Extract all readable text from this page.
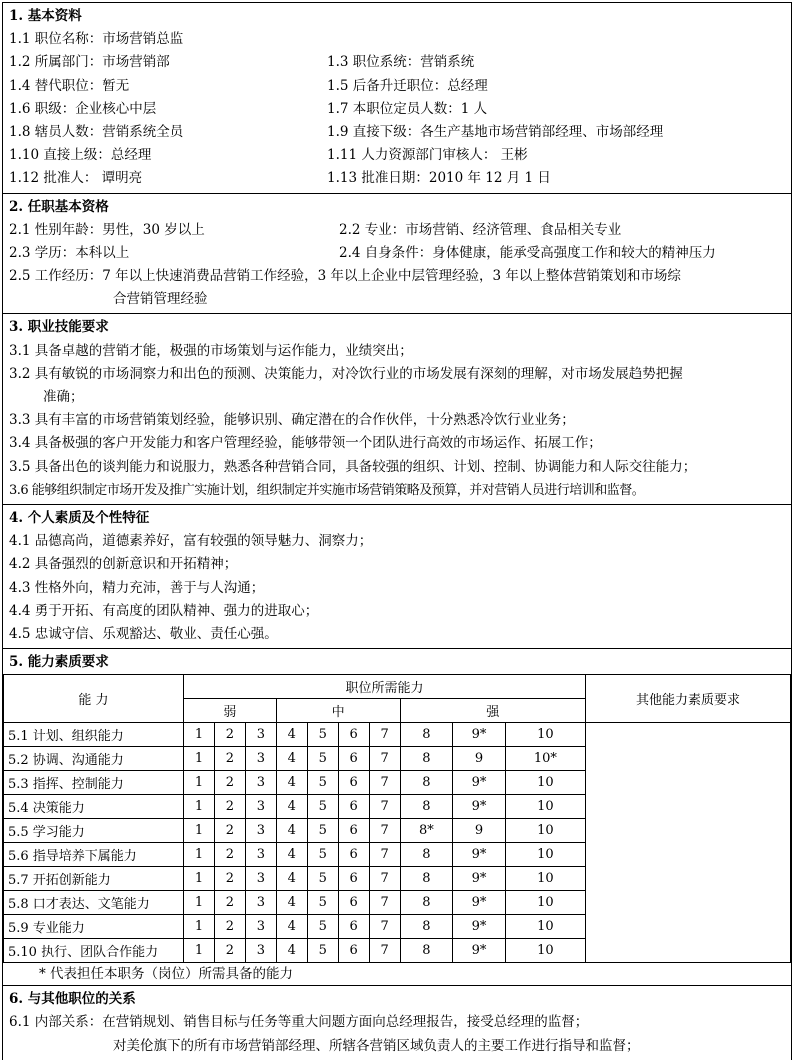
1. 基本资料
1.1 职位名称：市场营销总监
1.2 所属部门：市场营销部	1.3 职位系统：营销系统
1.4 替代职位：暂无	1.5 后备升迁职位：总经理
1.6 职级：企业核心中层	1.7 本职位定员人数：1 人
1.8 辖员人数：营销系统全员	1.9 直接下级：各生产基地市场营销部经理、市场部经理
1.10 直接上级：总经理	1.11 人力资源部门审核人： 王彬
1.12 批准人： 谭明亮	1.13 批准日期：2010 年 12 月 1 日
2. 任职基本资格
2.1 性别年龄：男性，30 岁以上	2.2 专业：市场营销、经济管理、食品相关专业
2.3 学历：本科以上	2.4 自身条件：身体健康，能承受高强度工作和较大的精神压力
2.5 工作经历：7 年以上快速消费品营销工作经验，3 年以上企业中层管理经验，3 年以上整体营销策划和市场综
合营销管理经验
3. 职业技能要求
3.1 具备卓越的营销才能，极强的市场策划与运作能力，业绩突出；
3.2 具有敏锐的市场洞察力和出色的预测、决策能力，对冷饮行业的市场发展有深刻的理解，对市场发展趋势把握
准确；
3.3 具有丰富的市场营销策划经验，能够识别、确定潜在的合作伙伴，十分熟悉冷饮行业业务；
3.4 具备极强的客户开发能力和客户管理经验，能够带领一个团队进行高效的市场运作、拓展工作；
3.5 具备出色的谈判能力和说服力，熟悉各种营销合同，具备较强的组织、计划、控制、协调能力和人际交往能力；
3.6 能够组织制定市场开发及推广实施计划，组织制定并实施市场营销策略及预算，并对营销人员进行培训和监督。
4. 个人素质及个性特征
4.1 品德高尚，道德素养好，富有较强的领导魅力、洞察力；
4.2 具备强烈的创新意识和开拓精神；
4.3 性格外向，精力充沛，善于与人沟通；
4.4 勇于开拓、有高度的团队精神、强力的进取心；
4.5 忠诚守信、乐观豁达、敬业、责任心强。
5. 能力素质要求
能 力	职位所需能力										其他能力素质要求
	弱			中				强			
5.1 计划、组织能力	1	2	3	4	5	6	7	8	9*	10	
5.2 协调、沟通能力	1	2	3	4	5	6	7	8	9	10*	
5.3 指挥、控制能力	1	2	3	4	5	6	7	8	9*	10	
5.4 决策能力	1	2	3	4	5	6	7	8	9*	10	
5.5 学习能力	1	2	3	4	5	6	7	8*	9	10	
5.6 指导培养下属能力	1	2	3	4	5	6	7	8	9*	10	
5.7 开拓创新能力	1	2	3	4	5	6	7	8	9*	10	
5.8 口才表达、文笔能力	1	2	3	4	5	6	7	8	9*	10	
5.9 专业能力	1	2	3	4	5	6	7	8	9*	10	
5.10 执行、团队合作能力	1	2	3	4	5	6	7	8	9*	10	
* 代表担任本职务（岗位）所需具备的能力
6. 与其他职位的关系
6.1 内部关系：在营销规划、销售目标与任务等重大问题方面向总经理报告，接受总经理的监督；
对美伦旗下的所有市场营销部经理、所辖各营销区域负责人的主要工作进行指导和监督；
